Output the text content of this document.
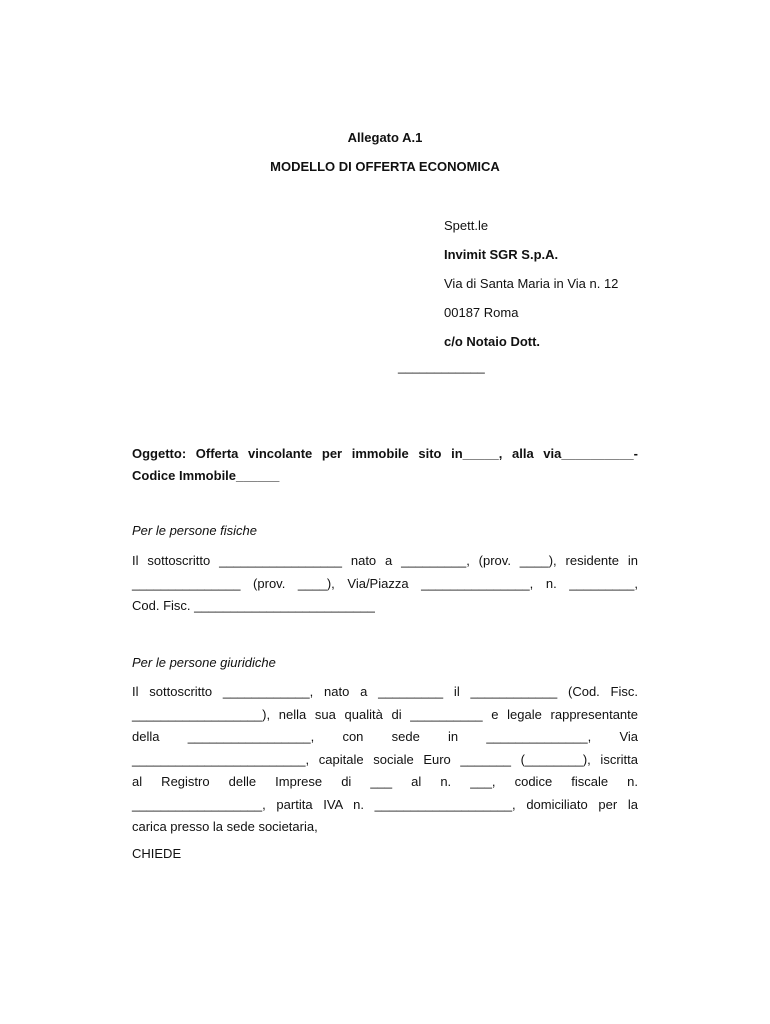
Allegato A.1
MODELLO DI OFFERTA ECONOMICA
Spett.le
Invimit SGR S.p.A.
Via di Santa Maria in Via n. 12
00187 Roma
c/o Notaio Dott.
____________
Oggetto: Offerta vincolante per immobile sito in_____, alla via__________-
Codice Immobile______
Per le persone fisiche
Il sottoscritto _________________ nato a _________, (prov. ____), residente in
_______________ (prov. ____), Via/Piazza _______________, n. _________,
Cod. Fisc. _________________________
Per le persone giuridiche
Il sottoscritto ____________, nato a _________ il ____________ (Cod. Fisc.
__________________), nella sua qualità di __________ e legale rappresentante
della _________________, con sede in ______________, Via
________________________, capitale sociale Euro _______ (________), iscritta
al Registro delle Imprese di ___ al n. ___, codice fiscale n.
__________________, partita IVA n. ___________________, domiciliato per la
carica presso la sede societaria,
CHIEDE
